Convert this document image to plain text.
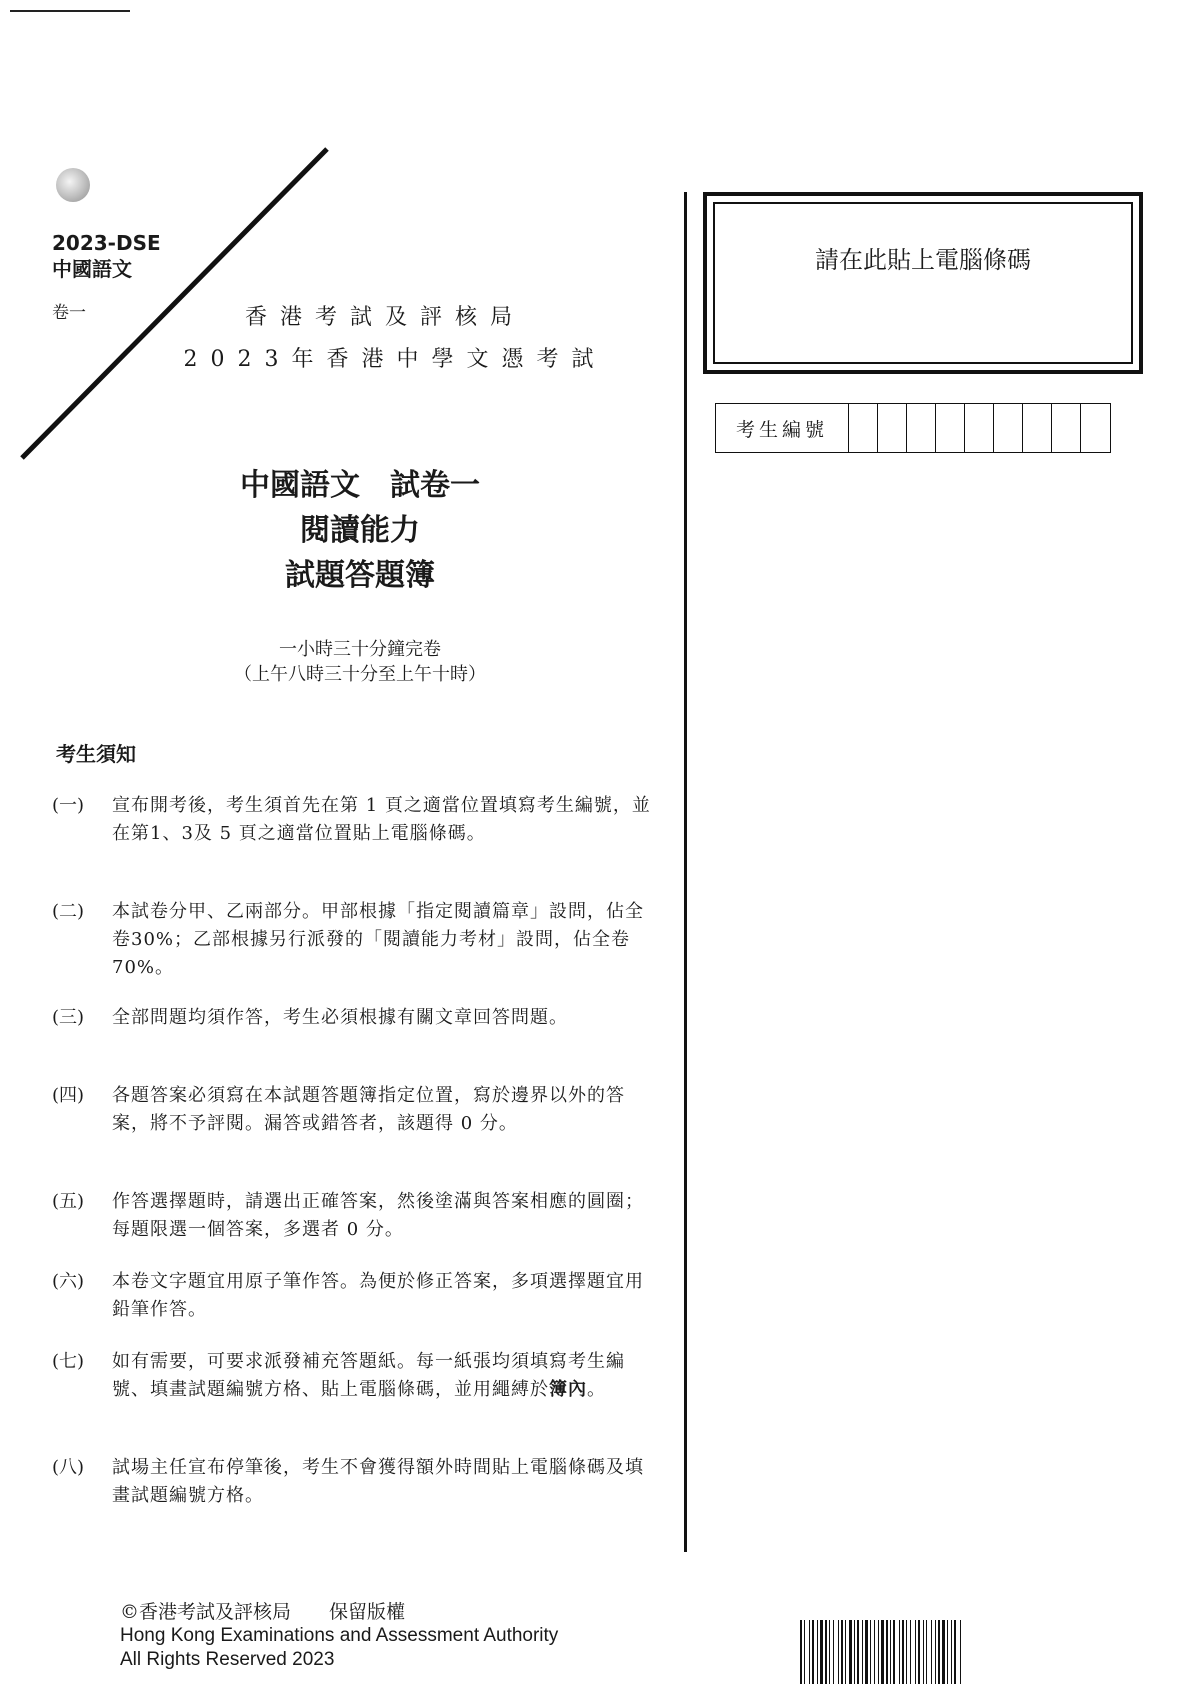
2023-DSE
中國語文
卷一	香港考試及評核局
2023年香港中學文憑考試
中國語文　試卷一
閱讀能力
試題答題簿
一小時三十分鐘完卷
（上午八時三十分至上午十時）
考生須知
(一)	宣布開考後，考生須首先在第 1 頁之適當位置填寫考生編號，並在第1、3及 5 頁之適當位置貼上電腦條碼。
(二)	本試卷分甲、乙兩部分。甲部根據「指定閱讀篇章」設問，佔全卷30%；乙部根據另行派發的「閱讀能力考材」設問，佔全卷70%。
(三)	全部問題均須作答，考生必須根據有關文章回答問題。
(四)	各題答案必須寫在本試題答題簿指定位置，寫於邊界以外的答案，將不予評閱。漏答或錯答者，該題得 0 分。
(五)	作答選擇題時，請選出正確答案，然後塗滿與答案相應的圓圈；每題限選一個答案，多選者 0 分。
(六)	本卷文字題宜用原子筆作答。為便於修正答案，多項選擇題宜用鉛筆作答。
(七)	如有需要，可要求派發補充答題紙。每一紙張均須填寫考生編號、填畫試題編號方格、貼上電腦條碼，並用繩縛於簿內。
(八)	試場主任宣布停筆後，考生不會獲得額外時間貼上電腦條碼及填畫試題編號方格。
請在此貼上電腦條碼
考生編號
©香港考試及評核局　　保留版權
Hong Kong Examinations and Assessment Authority
All Rights Reserved 2023
